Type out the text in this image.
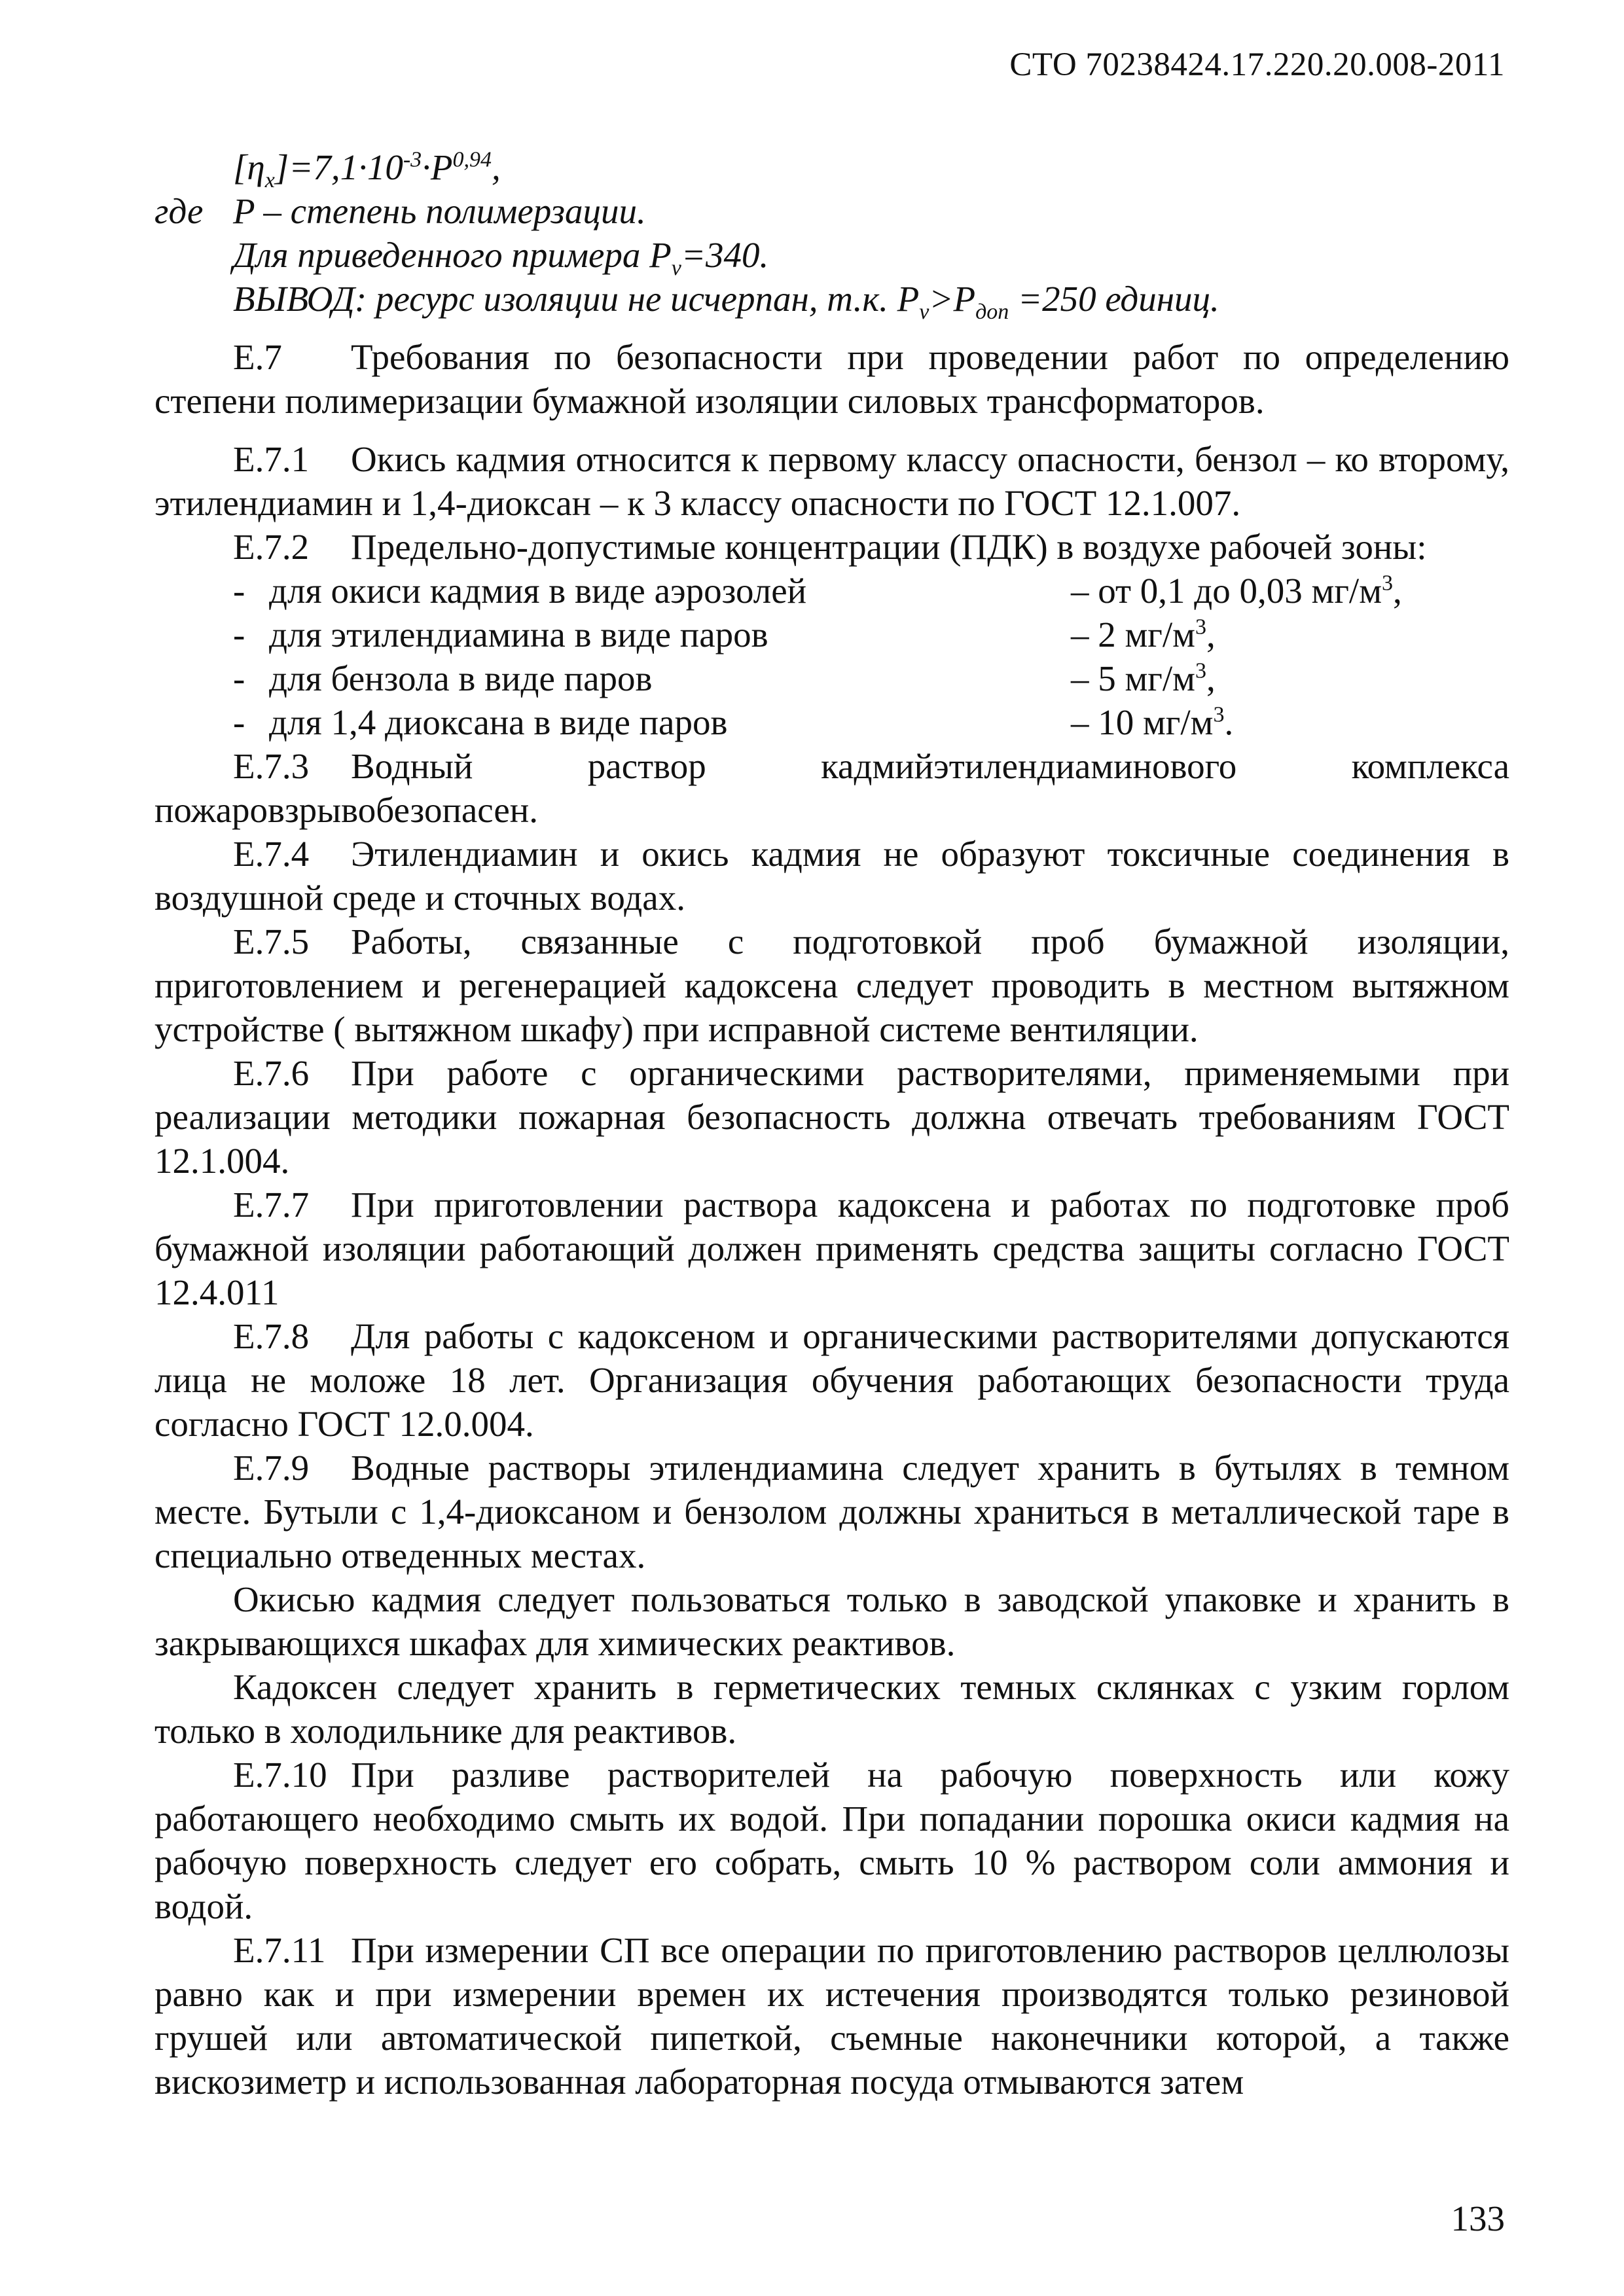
СТО 70238424.17.220.20.008-2011
$[\eta_x]=7,1\cdot 10^{-3}\cdot P^{0,94}$,
где P – степень полимерзации.
Для приведенного примера $P_v=340$.
ВЫВОД: ресурс изоляции не исчерпан, т.к. $P_v>P_{доп} =250$ единиц.

Е.7 Требования по безопасности при проведении работ по определению степени полимеризации бумажной изоляции силовых трансформаторов.

Е.7.1 Окись кадмия относится к первому классу опасности, бензол – ко второму, этилендиамин и 1,4-диоксан – к 3 классу опасности по ГОСТ 12.1.007.

Е.7.2 Предельно-допустимые концентрации (ПДК) в воздухе рабочей зоны:

- для окиси кадмия в виде аэрозолей	– от 0,1 до 0,03 $мг/м^3$,
- для этилендиамина в виде паров	– 2 $мг/м^3$,
- для бензола в виде паров	– 5 $мг/м^3$,
- для 1,4 диоксана в виде паров	– 10 $мг/м^3$.

Е.7.3 Водный раствор кадмийэтилендиаминового комплекса пожаровзрывобезопасен.

Е.7.4 Этилендиамин и окись кадмия не образуют токсичные соединения в воздушной среде и сточных водах.

Е.7.5 Работы, связанные с подготовкой проб бумажной изоляции, приготовлением и регенерацией кадоксена следует проводить в местном вытяжном устройстве ( вытяжном шкафу) при исправной системе вентиляции.

Е.7.6 При работе с органическими растворителями, применяемыми при реализации методики пожарная безопасность должна отвечать требованиям ГОСТ 12.1.004.

Е.7.7 При приготовлении раствора кадоксена и работах по подготовке проб бумажной изоляции работающий должен применять средства защиты согласно ГОСТ 12.4.011

Е.7.8 Для работы с кадоксеном и органическими растворителями допускаются лица не моложе 18 лет. Организация обучения работающих безопасности труда согласно ГОСТ 12.0.004.

Е.7.9 Водные растворы этилендиамина следует хранить в бутылях в темном месте. Бутыли с 1,4-диоксаном и бензолом должны храниться в металлической таре в специально отведенных местах.

Окисью кадмия следует пользоваться только в заводской упаковке и хранить в закрывающихся шкафах для химических реактивов.

Кадоксен следует хранить в герметических темных склянках с узким горлом только в холодильнике для реактивов.

Е.7.10 При разливе растворителей на рабочую поверхность или кожу работающего необходимо смыть их водой. При попадании порошка окиси кадмия на рабочую поверхность следует его собрать, смыть 10 % раствором соли аммония и водой.

Е.7.11 При измерении СП все операции по приготовлению растворов целлюлозы равно как и при измерении времен их истечения производятся только резиновой грушей или автоматической пипеткой, съемные наконечники которой, а также вискозиметр и использованная лабораторная посуда отмываются затем

133
